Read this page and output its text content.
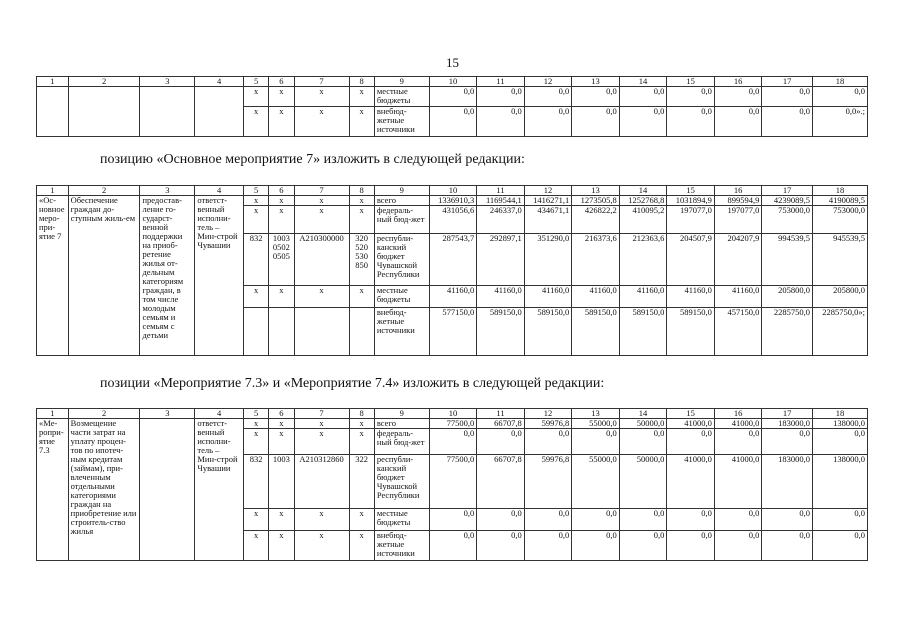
15
1	2	3	4	5	6	7	8	9	10	11	12	13	14	15	16	17	18
				x	x	x	x	местные бюджеты	0,0	0,0	0,0	0,0	0,0	0,0	0,0	0,0	0,0
				x	x	x	x	внебюд-жетные источники	0,0	0,0	0,0	0,0	0,0	0,0	0,0	0,0	0,0».;
позицию «Основное мероприятие 7» изложить в следующей редакции:
1	2	3	4	5	6	7	8	9	10	11	12	13	14	15	16	17	18
«Ос-новное меро-при-ятие 7	Обеспечение граждан до-ступным жиль-ем	предостав-ление го-сударст-венной поддержки на приоб-ретение жилья от-дельным категориям граждан, в том числе молодым семьям и семьям с детьми	ответст-венный исполни-тель – Мин-строй Чувашии	x	x	x	x	всего	1336910,3	1169544,1	1416271,1	1273505,8	1252768,8	1031894,9	899594,9	4239089,5	4190089,5
				x	x	x	x	федераль-ный бюд-жет	431056,6	246337,0	434671,1	426822,2	410095,2	197077,0	197077,0	753000,0	753000,0
				832	1003 0502 0505	A210300000	320 520 530 850	республи-канский бюджет Чувашской Республики	287543,7	292897,1	351290,0	216373,6	212363,6	204507,9	204207,9	994539,5	945539,5
				x	x	x	x	местные бюджеты	41160,0	41160,0	41160,0	41160,0	41160,0	41160,0	41160,0	205800,0	205800,0
								внебюд-жетные источники	577150,0	589150,0	589150,0	589150,0	589150,0	589150,0	457150,0	2285750,0	2285750,0»;
позиции «Мероприятие 7.3» и «Мероприятие 7.4» изложить в следующей редакции:
1	2	3	4	5	6	7	8	9	10	11	12	13	14	15	16	17	18
«Ме-ропри-ятие 7.3	Возмещение части затрат на уплату процен-тов по ипотеч-ным кредитам (займам), при-влеченным отдельными категориями граждан на приобретение или строитель-ство жилья		ответст-венный исполни-тель – Мин-строй Чувашии	x	x	x	x	всего	77500,0	66707,8	59976,8	55000,0	50000,0	41000,0	41000,0	183000,0	138000,0
				x	x	x	x	федераль-ный бюд-жет	0,0	0,0	0,0	0,0	0,0	0,0	0,0	0,0	0,0
				832	1003	A210312860	322	республи-канский бюджет Чувашской Республики	77500,0	66707,8	59976,8	55000,0	50000,0	41000,0	41000,0	183000,0	138000,0
				x	x	x	x	местные бюджеты	0,0	0,0	0,0	0,0	0,0	0,0	0,0	0,0	0,0
				x	x	x	x	внебюд-жетные источники	0,0	0,0	0,0	0,0	0,0	0,0	0,0	0,0	0,0
